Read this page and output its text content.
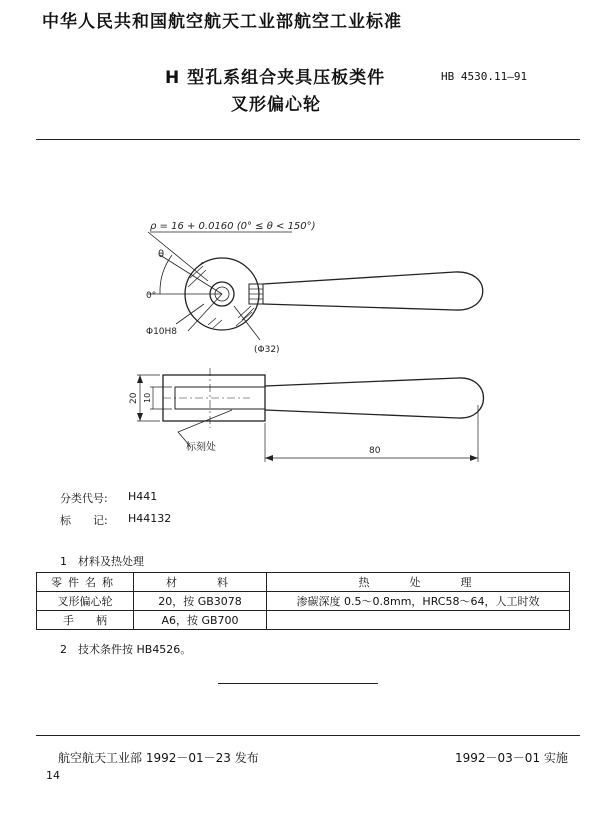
中华人民共和国航空航天工业部航空工业标准
H 型孔系组合夹具压板类件
叉形偏心轮
HB 4530.11—91
ρ = 16 + 0.0160 (0° ≤ θ < 150°)
θ
0°
Φ10H8
(Φ32)
20 10
80
标刻处
分类代号: H441
标　　记: H44132
1　材料及热处理
零件名称	材　　料	热　　处　　理
叉形偏心轮	20，按 GB3078	渗碳深度 0.5～0.8mm，HRC58～64，人工时效
手　　柄	A6，按 GB700	
2　技术条件按 HB4526。
航空航天工业部 1992－01－23 发布	1992－03－01 实施
14
